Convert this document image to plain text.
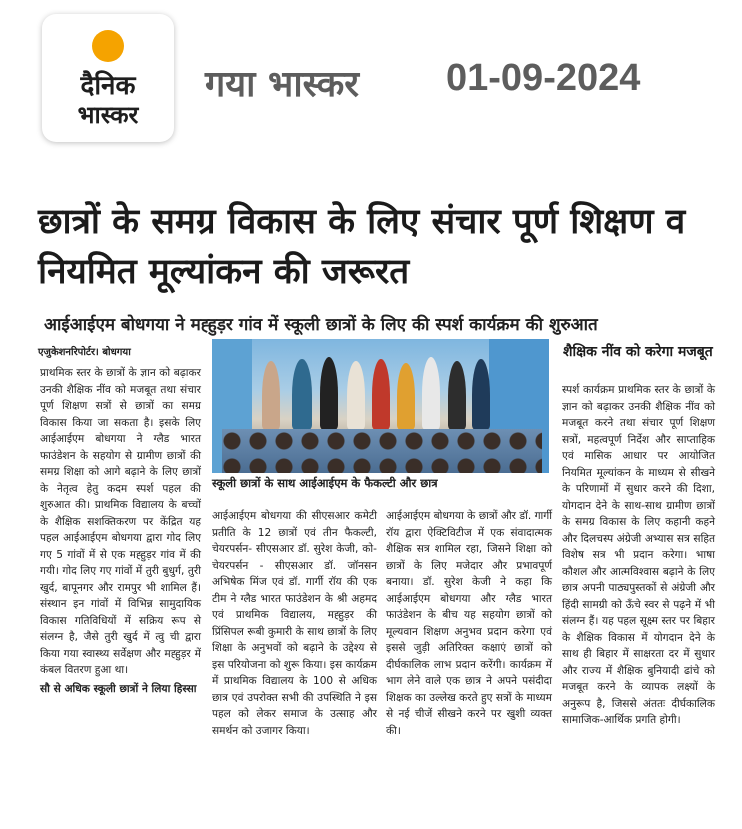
दैनिक
भास्कर
गया भास्कर 01-09-2024
छात्रों के समग्र विकास के लिए संचार पूर्ण शिक्षण व नियमित मूल्यांकन की जरूरत
आईआईएम बोधगया ने मह्हुड़र गांव में स्कूली छात्रों के लिए की स्पर्श कार्यक्रम की शुरुआत
एजुकेशनरिपोर्टर। बोधगया
स्कूली छात्रों के साथ आईआईएम के फैकल्टी और छात्र

प्राथमिक स्तर के छात्रों के ज्ञान को बढ़ाकर उनकी शैक्षिक नींव को मजबूत तथा संचार पूर्ण शिक्षण सत्रों से छात्रों का समग्र विकास किया जा सकता है। इसके लिए आईआईएम बोधगया ने ग्लैड भारत फाउंडेशन के सहयोग से ग्रामीण छात्रों की समग्र शिक्षा को आगे बढ़ाने के लिए छात्रों के नेतृत्व हेतु कदम स्पर्श पहल की शुरुआत की। प्राथमिक विद्यालय के बच्चों के शैक्षिक सशक्तिकरण पर केंद्रित यह पहल आईआईएम बोधगया द्वारा गोद लिए गए 5 गांवों में से एक मह्हुड़र गांव में की गयी। गोद लिए गए गांवों में तुरी बुधुर्ग, तुरी खुर्द, बापूनगर और रामपुर भी शामिल हैं। संस्थान इन गांवों में विभिन्न सामुदायिक विकास गतिविधियों में सक्रिय रूप से संलग्न है, जैसे तुरी खुर्द में त्वु ची द्वारा किया गया स्वास्थ्य सर्वेक्षण और मह्हुड़र में कंबल वितरण हुआ था।

सौ से अधिक स्कूली छात्रों ने लिया हिस्सा

आईआईएम बोधगया की सीएसआर कमेटी प्रतीति के 12 छात्रों एवं तीन फैकल्टी, चेयरपर्सन- सीएसआर डॉ. सुरेश केजी, को-चेयरपर्सन - सीएसआर डॉ. जॉनसन अभिषेक मिंज एवं डॉ. गार्गी रॉय की एक टीम ने ग्लैड भारत फाउंडेशन के श्री अहमद एवं प्राथमिक विद्यालय, मह्हुड़र की प्रिंसिपल रूबी कुमारी के साथ छात्रों के लिए शिक्षा के अनुभवों को बढ़ाने के उद्देश्य से इस परियोजना को शुरू किया। इस कार्यक्रम में प्राथमिक विद्यालय के 100 से अधिक छात्र एवं उपरोक्त सभी की उपस्थिति ने इस पहल को लेकर समाज के उत्साह और समर्थन को उजागर किया।
आईआईएम बोधगया के छात्रों और डॉ. गार्गी रॉय द्वारा ऐक्टिविटीज में एक संवादात्मक शैक्षिक सत्र शामिल रहा, जिसने शिक्षा को छात्रों के लिए मजेदार और प्रभावपूर्ण बनाया। डॉ. सुरेश केजी ने कहा कि आईआईएम बोधगया और ग्लैड भारत फाउंडेशन के बीच यह सहयोग छात्रों को मूल्यवान शिक्षण अनुभव प्रदान करेगा एवं इससे जुड़ी अतिरिक्त कक्षाएं छात्रों को दीर्घकालिक लाभ प्रदान करेंगी। कार्यक्रम में भाग लेने वाले एक छात्र ने अपने पसंदीदा शिक्षक का उल्लेख करते हुए सत्रों के माध्यम से नई चीजें सीखने करने पर खुशी व्यक्त की।
शैक्षिक नींव को करेगा मजबूत
स्पर्श कार्यक्रम प्राथमिक स्तर के छात्रों के ज्ञान को बढ़ाकर उनकी शैक्षिक नींव को मजबूत करने तथा संचार पूर्ण शिक्षण सत्रों, महत्वपूर्ण निर्देश और साप्ताहिक एवं मासिक आधार पर आयोजित नियमित मूल्यांकन के माध्यम से सीखने के परिणामों में सुधार करने की दिशा, योगदान देने के साथ-साथ ग्रामीण छात्रों के समग्र विकास के लिए कहानी कहने और दिलचस्प अंग्रेजी अभ्यास सत्र सहित विशेष सत्र भी प्रदान करेगा। भाषा कौशल और आत्मविश्वास बढ़ाने के लिए छात्र अपनी पाठ्यपुस्तकों से अंग्रेजी और हिंदी सामग्री को ऊँचे स्वर से पढ़ने में भी संलग्न हैं। यह पहल सूक्ष्म स्तर पर बिहार के शैक्षिक विकास में योगदान देने के साथ ही बिहार में साक्षरता दर में सुधार और राज्य में शैक्षिक बुनियादी ढांचे को मजबूत करने के व्यापक लक्ष्यों के अनुरूप है, जिससे अंततः दीर्घकालिक सामाजिक-आर्थिक प्रगति होगी।
